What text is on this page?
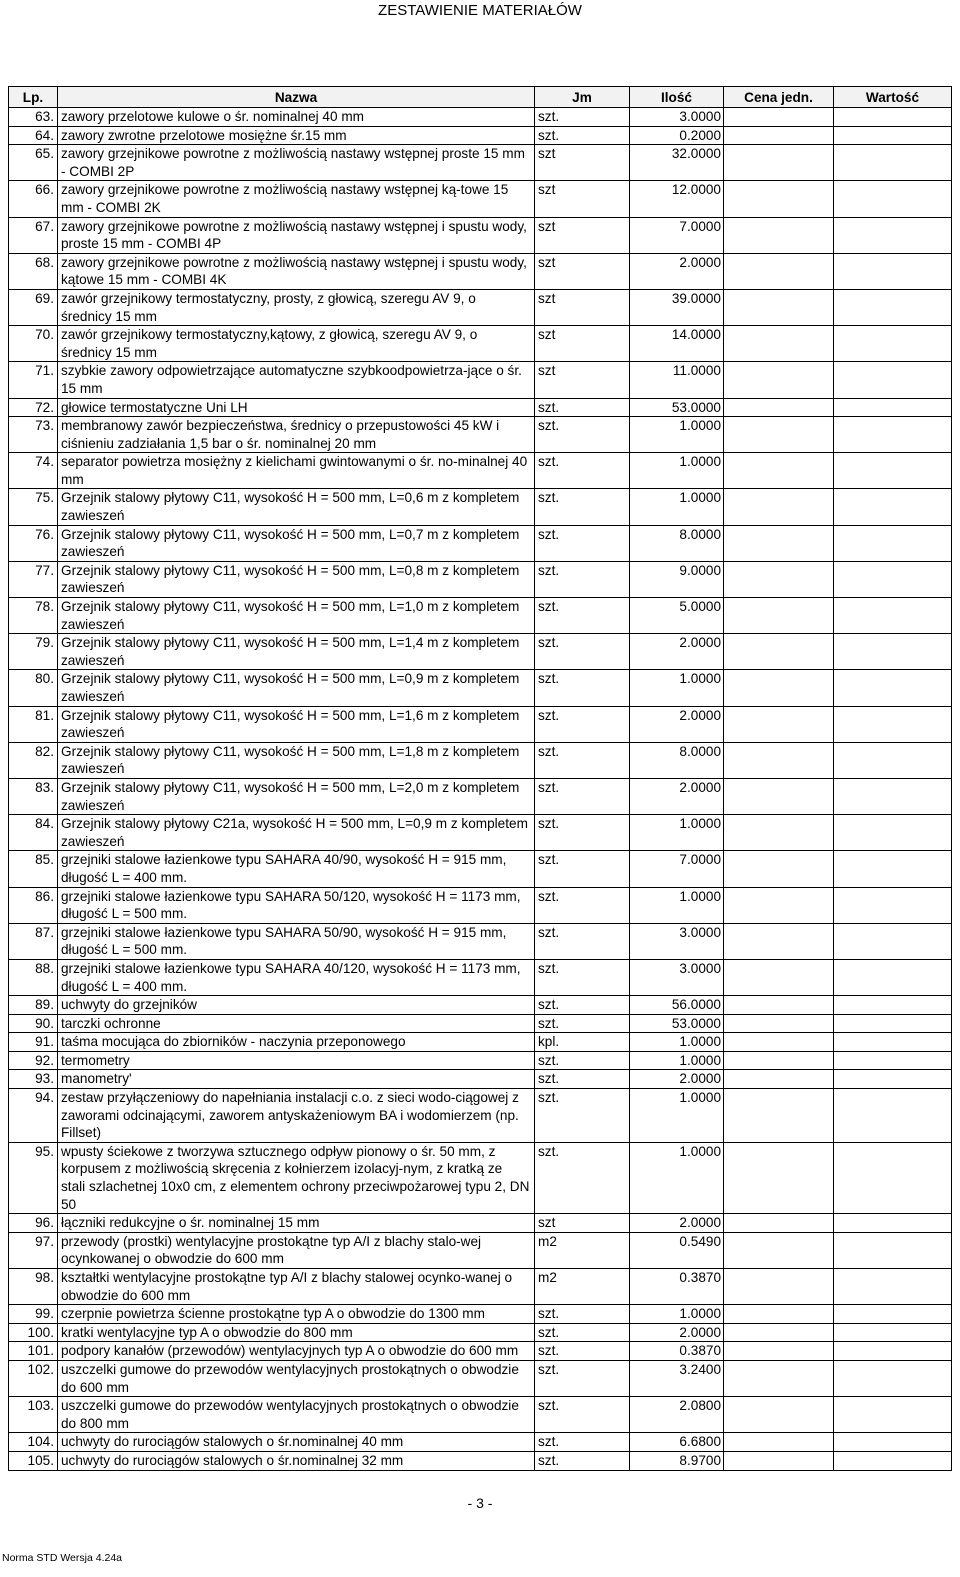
ZESTAWIENIE MATERIAŁÓW
Lp.	Nazwa	Jm	Ilość	Cena jedn.	Wartość
63.	zawory przelotowe kulowe o śr. nominalnej 40 mm	szt.	3.0000		
64.	zawory zwrotne przelotowe mosiężne śr.15 mm	szt.	0.2000		
65.	zawory grzejnikowe powrotne z możliwością nastawy wstępnej proste 15 mm - COMBI 2P	szt	32.0000		
66.	zawory grzejnikowe powrotne z możliwością nastawy wstępnej ką-towe 15 mm - COMBI 2K	szt	12.0000		
67.	zawory grzejnikowe powrotne z możliwością nastawy wstępnej i spustu wody, proste 15 mm - COMBI 4P	szt	7.0000		
68.	zawory grzejnikowe powrotne z możliwością nastawy wstępnej i spustu wody, kątowe 15 mm - COMBI 4K	szt	2.0000		
69.	zawór grzejnikowy termostatyczny, prosty, z głowicą, szeregu AV 9, o średnicy 15 mm	szt	39.0000		
70.	zawór grzejnikowy termostatyczny,kątowy, z głowicą, szeregu AV 9, o średnicy 15 mm	szt	14.0000		
71.	szybkie zawory odpowietrzające automatyczne szybkoodpowietrza-jące o śr. 15 mm	szt	11.0000		
72.	głowice termostatyczne Uni LH	szt.	53.0000		
73.	membranowy zawór bezpieczeństwa, średnicy o przepustowości 45 kW i ciśnieniu zadziałania 1,5 bar o śr. nominalnej 20 mm	szt.	1.0000		
74.	separator powietrza mosiężny z kielichami gwintowanymi o śr. no-minalnej 40 mm	szt.	1.0000		
75.	Grzejnik stalowy płytowy C11, wysokość H = 500 mm, L=0,6 m z kompletem zawieszeń	szt.	1.0000		
76.	Grzejnik stalowy płytowy C11, wysokość H = 500 mm, L=0,7 m z kompletem zawieszeń	szt.	8.0000		
77.	Grzejnik stalowy płytowy C11, wysokość H = 500 mm, L=0,8 m z kompletem zawieszeń	szt.	9.0000		
78.	Grzejnik stalowy płytowy C11, wysokość H = 500 mm, L=1,0 m z kompletem zawieszeń	szt.	5.0000		
79.	Grzejnik stalowy płytowy C11, wysokość H = 500 mm, L=1,4 m z kompletem zawieszeń	szt.	2.0000		
80.	Grzejnik stalowy płytowy C11, wysokość H = 500 mm, L=0,9 m z kompletem zawieszeń	szt.	1.0000		
81.	Grzejnik stalowy płytowy C11, wysokość H = 500 mm, L=1,6 m z kompletem zawieszeń	szt.	2.0000		
82.	Grzejnik stalowy płytowy C11, wysokość H = 500 mm, L=1,8 m z kompletem zawieszeń	szt.	8.0000		
83.	Grzejnik stalowy płytowy C11, wysokość H = 500 mm, L=2,0 m z kompletem zawieszeń	szt.	2.0000		
84.	Grzejnik stalowy płytowy C21a, wysokość H = 500 mm, L=0,9 m z kompletem zawieszeń	szt.	1.0000		
85.	grzejniki stalowe łazienkowe typu SAHARA 40/90, wysokość H = 915 mm, długość L = 400 mm.	szt.	7.0000		
86.	grzejniki stalowe łazienkowe typu SAHARA 50/120, wysokość H = 1173 mm, długość L = 500 mm.	szt.	1.0000		
87.	grzejniki stalowe łazienkowe typu SAHARA 50/90, wysokość H = 915 mm, długość L = 500 mm.	szt.	3.0000		
88.	grzejniki stalowe łazienkowe typu SAHARA 40/120, wysokość H = 1173 mm, długość L = 400 mm.	szt.	3.0000		
89.	uchwyty do grzejników	szt.	56.0000		
90.	tarczki ochronne	szt.	53.0000		
91.	taśma mocująca do zbiorników - naczynia przeponowego	kpl.	1.0000		
92.	termometry	szt.	1.0000		
93.	manometry'	szt.	2.0000		
94.	zestaw przyłączeniowy do napełniania instalacji c.o. z sieci wodo-ciągowej z zaworami odcinającymi, zaworem antyskażeniowym BA i wodomierzem (np. Fillset)	szt.	1.0000		
95.	wpusty ściekowe z tworzywa sztucznego odpływ pionowy o śr. 50 mm, z korpusem z możliwością skręcenia z kołnierzem izolacyj-nym, z kratką ze stali szlachetnej 10x0 cm, z elementem ochrony przeciwpożarowej typu 2, DN 50	szt.	1.0000		
96.	łączniki redukcyjne o śr. nominalnej 15 mm	szt	2.0000		
97.	przewody (prostki) wentylacyjne prostokątne typ A/I z blachy stalo-wej ocynkowanej o obwodzie do 600 mm	m2	0.5490		
98.	kształtki wentylacyjne prostokątne typ A/I z blachy stalowej ocynko-wanej o obwodzie do 600 mm	m2	0.3870		
99.	czerpnie powietrza ścienne prostokątne typ A o obwodzie do 1300 mm	szt.	1.0000		
100.	kratki wentylacyjne typ A o obwodzie do 800 mm	szt.	2.0000		
101.	podpory kanałów (przewodów) wentylacyjnych typ A o obwodzie do 600 mm	szt.	0.3870		
102.	uszczelki gumowe do przewodów wentylacyjnych prostokątnych o obwodzie do 600 mm	szt.	3.2400		
103.	uszczelki gumowe do przewodów wentylacyjnych prostokątnych o obwodzie do 800 mm	szt.	2.0800		
104.	uchwyty do rurociągów stalowych o śr.nominalnej 40 mm	szt.	6.6800		
105.	uchwyty do rurociągów stalowych o śr.nominalnej 32 mm	szt.	8.9700		
- 3 -
Norma STD Wersja 4.24a
